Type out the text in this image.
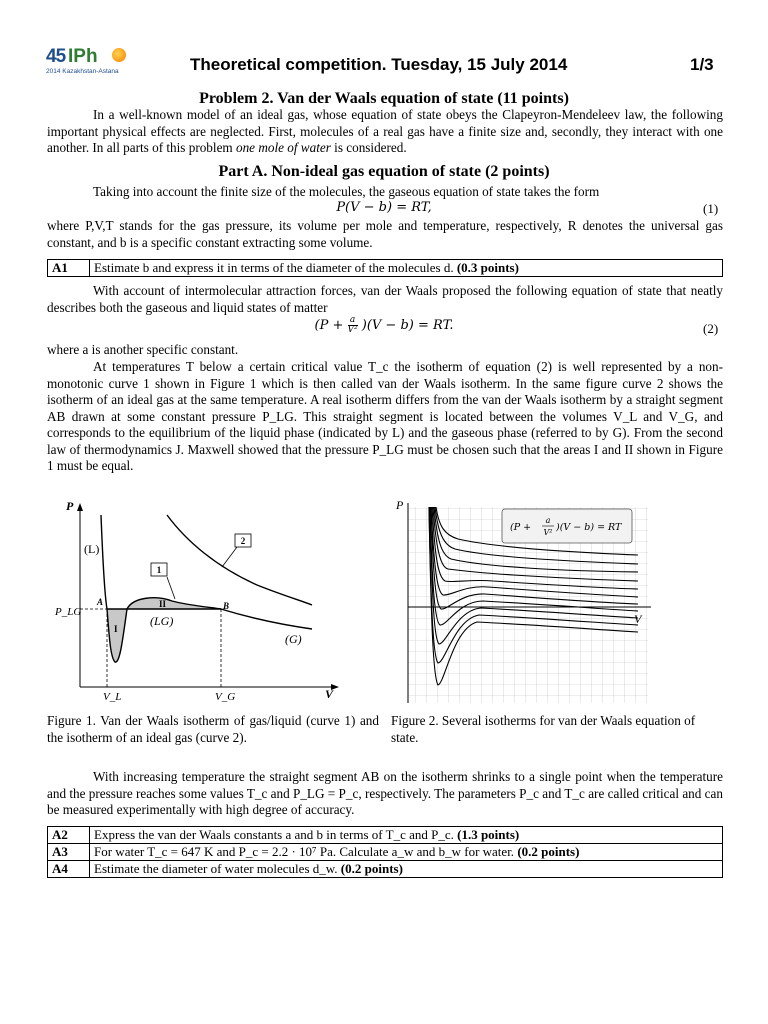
45 IPh
2014 Kazakhstan-Astana	Theoretical competition. Tuesday, 15 July 2014	1/3
Problem 2. Van der Waals equation of state (11 points)
In a well-known model of an ideal gas, whose equation of state obeys the Clapeyron-Mendeleev law, the following important physical effects are neglected. First, molecules of a real gas have a finite size and, secondly, they interact with one another. In all parts of this problem one mole of water is considered.
Part A. Non-ideal gas equation of state (2 points)
Taking into account the finite size of the molecules, the gaseous equation of state takes the form
P(V − b) = RT,	(1)
where P,V,T stands for the gas pressure, its volume per mole and temperature, respectively, R denotes the universal gas constant, and b is a specific constant extracting some volume.
A1	Estimate b and express it in terms of the diameter of the molecules d. (0.3 points)
With account of intermolecular attraction forces, van der Waals proposed the following equation of state that neatly describes both the gaseous and liquid states of matter
$(P + \frac{a}{\text{V²}} )(V - b)$ = RT.	(2)
where a is another specific constant.
At temperatures T below a certain critical value T_c the isotherm of equation (2) is well represented by a non-monotonic curve 1 shown in Figure 1 which is then called van der Waals isotherm. In the same figure curve 2 shows the isotherm of an ideal gas at the same temperature. A real isotherm differs from the van der Waals isotherm by a straight segment AB drawn at some constant pressure P_LG. This straight segment is located between the volumes V_L and V_G, and corresponds to the equilibrium of the liquid phase (indicated by L) and the gaseous phase (referred to by G). From the second law of thermodynamics J. Maxwell showed that the pressure P_LG must be chosen such that the areas I and II shown in Figure 1 must be equal.
1
2
P
V
(L)
(LG)
(G)
P_LG
A	B
I
II
V_L	V_G
(P +
a
V² )(V − b) = RT
P
V
Figure 1. Van der Waals isotherm of gas/liquid (curve 1) and the isotherm of an ideal gas (curve 2).
Figure 2. Several isotherms for van der Waals equation of state.
With increasing temperature the straight segment AB on the isotherm shrinks to a single point when the temperature and the pressure reaches some values T_c and P_LG = P_c, respectively. The parameters P_c and T_c are called critical and can be measured experimentally with high degree of accuracy.
A2	Express the van der Waals constants a and b in terms of T_c and P_c. (1.3 points)
A3	For water T_c = 647 K and P_c = 2.2 · 10⁷ Pa. Calculate a_w and b_w for water. (0.2 points)
A4	Estimate the diameter of water molecules d_w. (0.2 points)
